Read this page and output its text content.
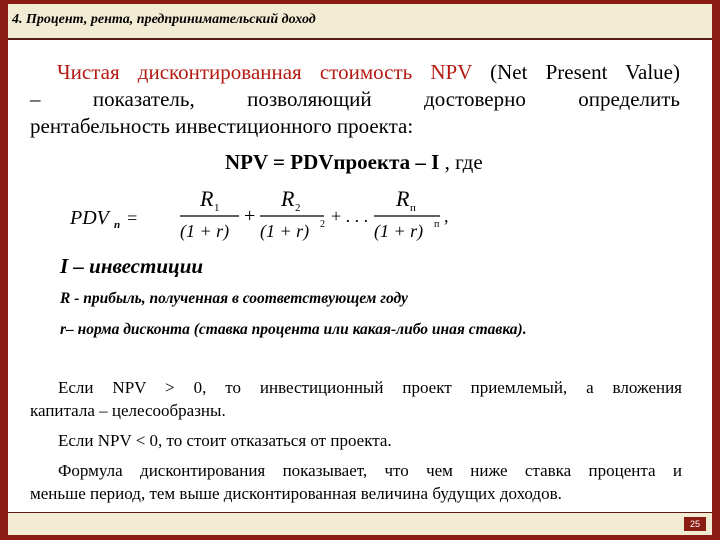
4. Процент, рента, предпринимательский доход
Чистая дисконтированная стоимость NPV (Net Present Value)
– показатель, позволяющий достоверно определить
рентабельность инвестиционного проекта:
NPV = PDVпроекта – I , где
PDV п =
R 1
(1 + r)
+
R 2
(1 + r) 2 + . . .
R п
(1 + r) п ,
I – инвестиции
R - прибыль, полученная в соответствующем году
r– норма дисконта (ставка процента или какая-либо иная ставка).
Если NPV > 0, то инвестиционный проект приемлемый, а вложения
капитала – целесообразны.
Если NPV < 0, то стоит отказаться от проекта.
Формула дисконтирования показывает, что чем ниже ставка процента и
меньше период, тем выше дисконтированная величина будущих доходов.
25
